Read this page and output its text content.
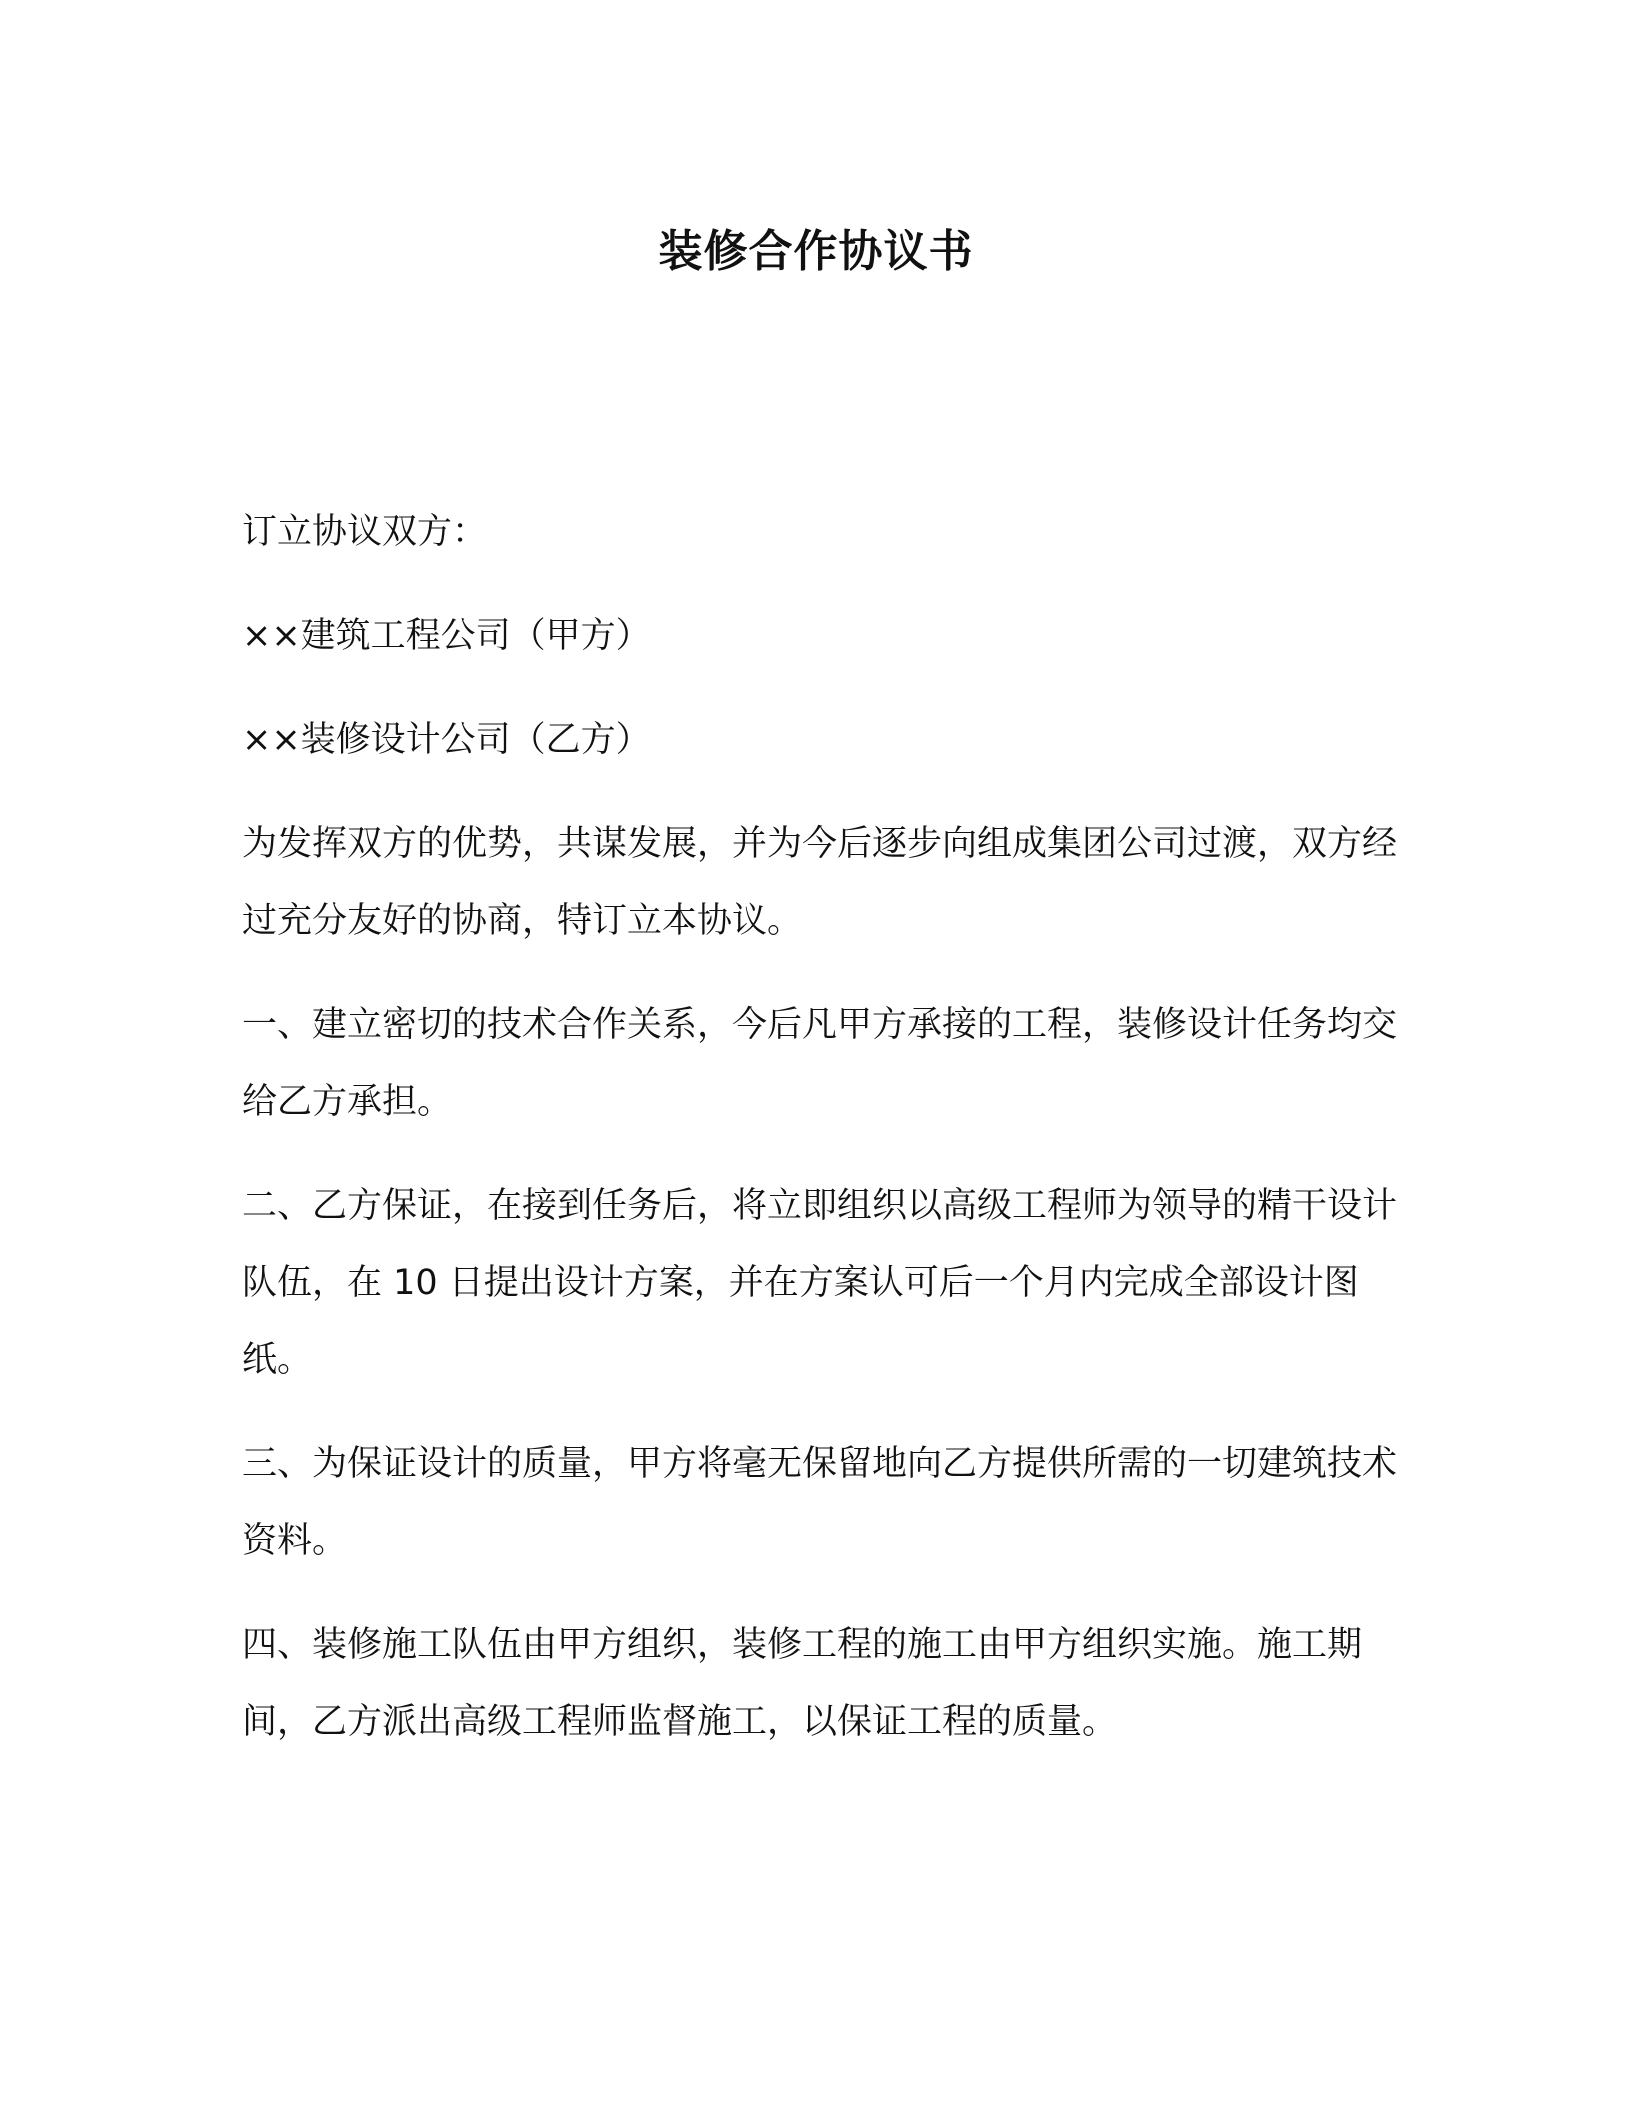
装修合作协议书

订立协议双方：

××建筑工程公司（甲方）

××装修设计公司（乙方）

为发挥双方的优势，共谋发展，并为今后逐步向组成集团公司过渡，双方经过充分友好的协商，特订立本协议。

一、建立密切的技术合作关系，今后凡甲方承接的工程，装修设计任务均交给乙方承担。

二、乙方保证，在接到任务后，将立即组织以高级工程师为领导的精干设计队伍，在 10 日提出设计方案，并在方案认可后一个月内完成全部设计图纸。

三、为保证设计的质量，甲方将毫无保留地向乙方提供所需的一切建筑技术资料。

四、装修施工队伍由甲方组织，装修工程的施工由甲方组织实施。施工期间，乙方派出高级工程师监督施工，以保证工程的质量。
